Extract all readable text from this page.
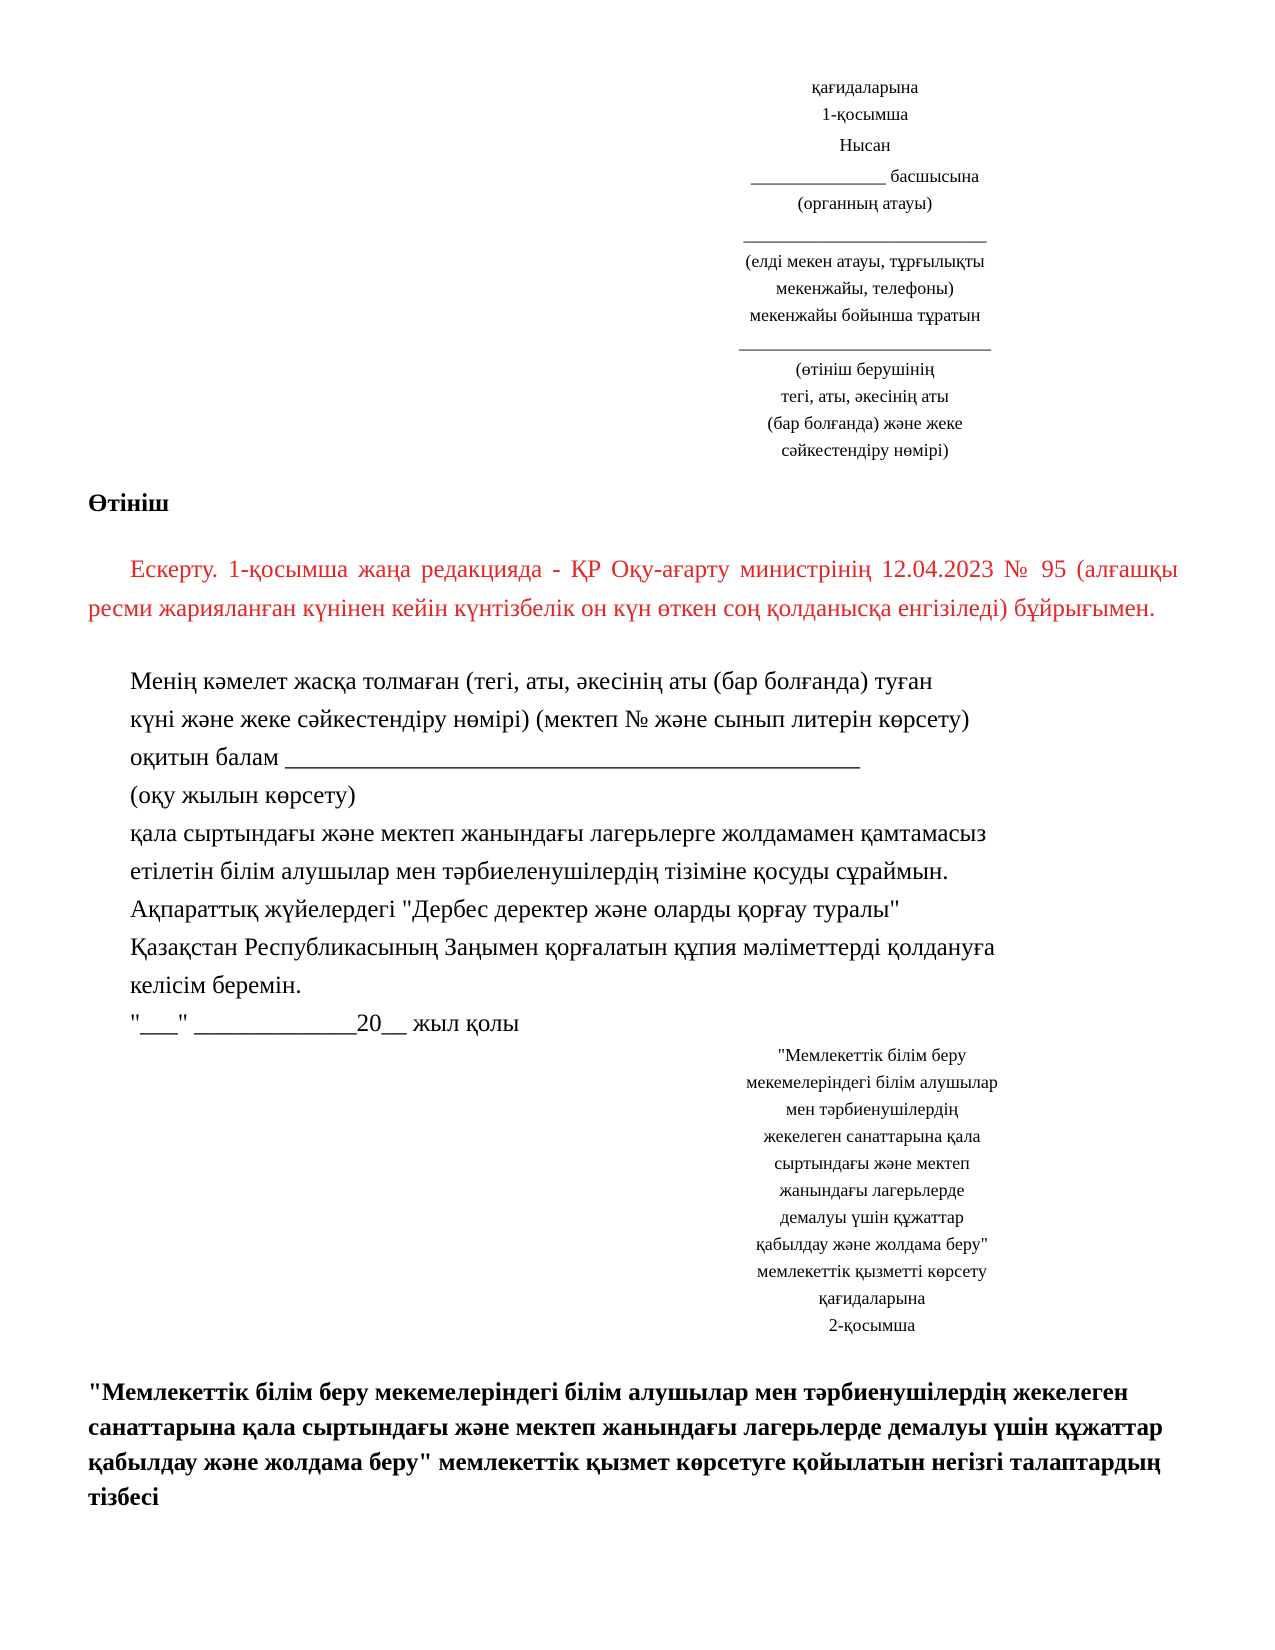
қағидаларына
1-қосымша
Нысан
_______________ басшысына
(органның атауы)
___________________________
(елді мекен атауы, тұрғылықты
мекенжайы, телефоны)
мекенжайы бойынша тұратын
____________________________
(өтініш берушінің
тегі, аты, әкесінің аты
(бар болғанда) және жеке
сәйкестендіру нөмірі)
Өтініш
Ескерту. 1-қосымша жаңа редакцияда - ҚР Оқу-ағарту министрінің 12.04.2023 № 95 (алғашқы ресми жарияланған күнінен кейін күнтізбелік он күн өткен соң қолданысқа енгізіледі) бұйрығымен.
Менің кәмелет жасқа толмаған (тегі, аты, әкесінің аты (бар болғанда) туған
күні және жеке сәйкестендіру нөмірі) (мектеп № және сынып литерін көрсету)
оқитын балам ______________________________________________
(оқу жылын көрсету)
қала сыртындағы және мектеп жанындағы лагерьлерге жолдамамен қамтамасыз
етілетін білім алушылар мен тәрбиеленушілердің тізіміне қосуды сұраймын.
Ақпараттық жүйелердегі "Дербес деректер және оларды қорғау туралы"
Қазақстан Республикасының Заңымен қорғалатын құпия мәліметтерді қолдануға
келісім беремін.
"___" _____________20__ жыл қолы
"Мемлекеттік білім беру
мекемелеріндегі білім алушылар
мен тәрбиенушілердің
жекелеген санаттарына қала
сыртындағы және мектеп
жанындағы лагерьлерде
демалуы үшін құжаттар
қабылдау және жолдама беру"
мемлекеттік қызметті көрсету
қағидаларына
2-қосымша
"Мемлекеттік білім беру мекемелеріндегі білім алушылар мен тәрбиенушілердің жекелеген санаттарына қала сыртындағы және мектеп жанындағы лагерьлерде демалуы үшін құжаттар қабылдау және жолдама беру" мемлекеттік қызмет көрсетуге қойылатын негізгі талаптардың тізбесі
